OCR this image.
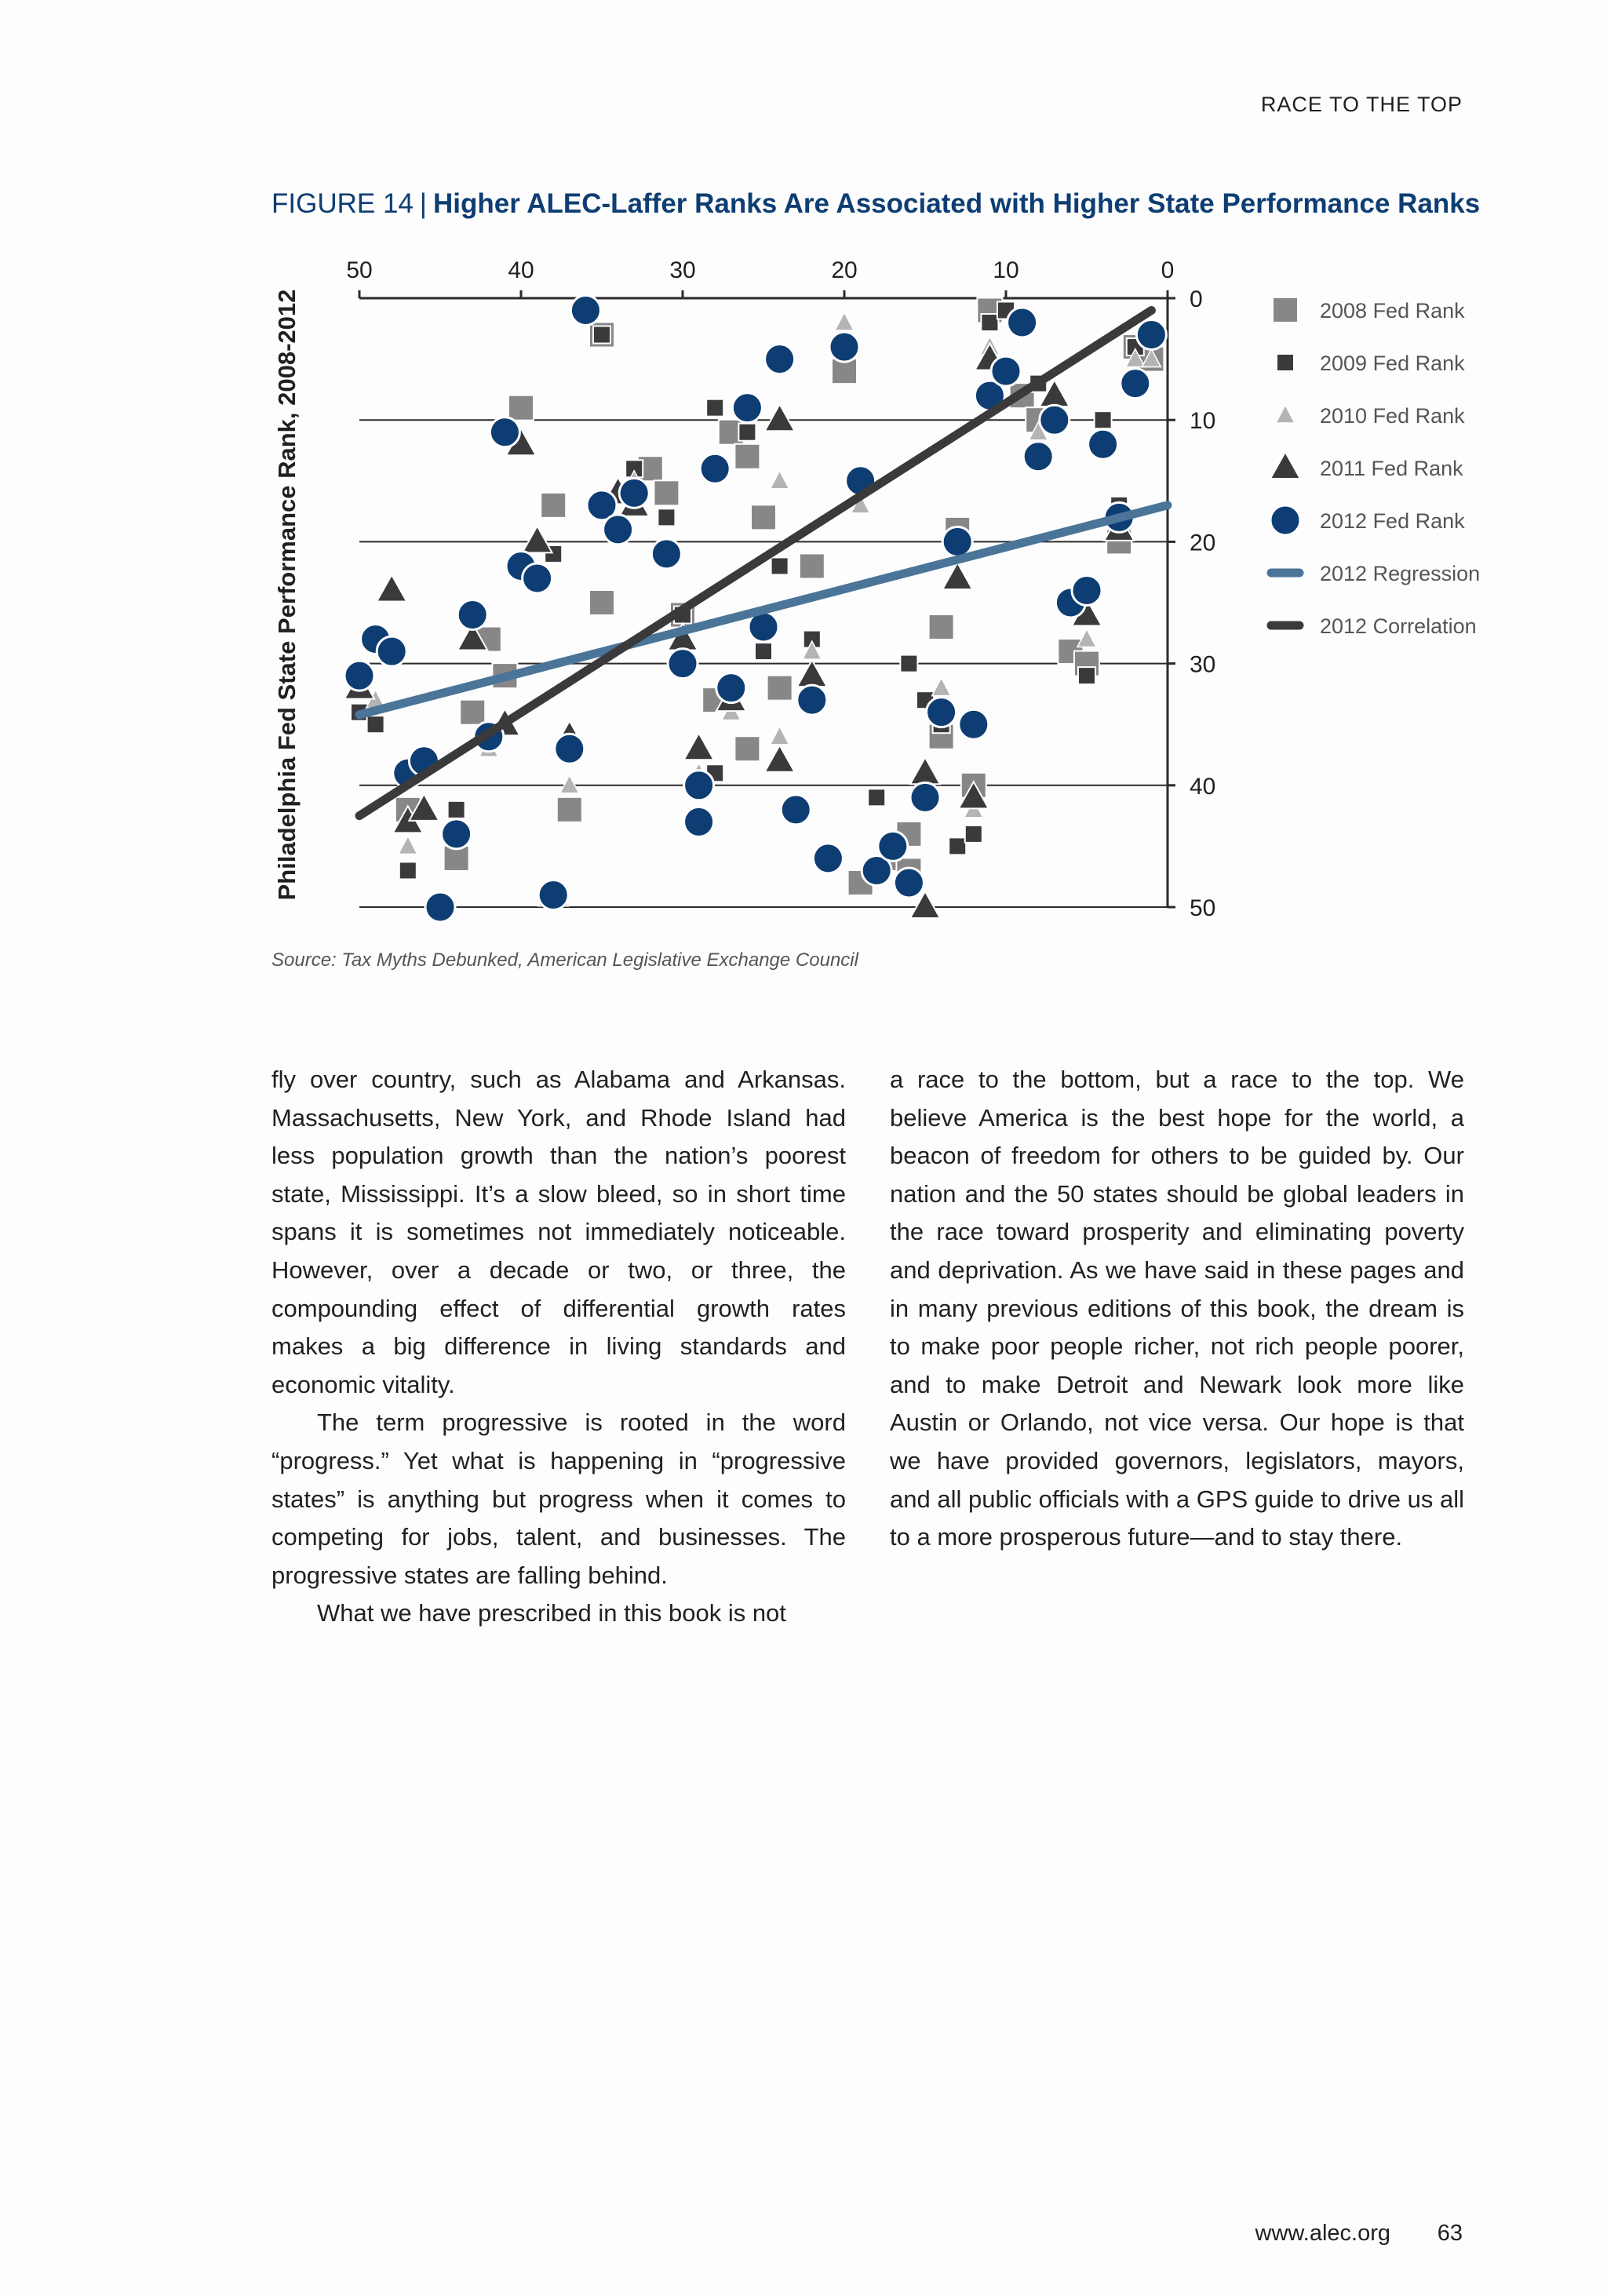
RACE TO THE TOP
FIGURE 14 | Higher ALEC-Laffer Ranks Are Associated with Higher State Performance Ranks
50	40	30	20	10	0
0
10
20
30
40
50
Philadelphia Fed State Performance Rank, 2008-2012	2008 Fed Rank
2009 Fed Rank
2010 Fed Rank
2011 Fed Rank
2012 Fed Rank
2012 Regression
2012 Correlation
Source: Tax Myths Debunked, American Legislative Exchange Council

fly over country, such as Alabama and Arkansas. Massachusetts, New York, and Rhode Island had less population growth than the nation’s poorest state, Mississippi. It’s a slow bleed, so in short time spans it is sometimes not immediately noticeable. However, over a decade or two, or three, the compounding effect of differential growth rates makes a big difference in living standards and economic vitality.

The term progressive is rooted in the word “progress.” Yet what is happening in “progressive states” is anything but progress when it comes to competing for jobs, talent, and businesses. The progressive states are falling behind.

What we have prescribed in this book is not

a race to the bottom, but a race to the top. We believe America is the best hope for the world, a beacon of freedom for others to be guided by. Our nation and the 50 states should be global leaders in the race toward prosperity and eliminating poverty and deprivation. As we have said in these pages and in many previous editions of this book, the dream is to make poor people richer, not rich people poorer, and to make Detroit and Newark look more like Austin or Orlando, not vice versa. Our hope is that we have provided governors, legislators, mayors, and all public officials with a GPS guide to drive us all to a more prosperous future—and to stay there.

www.alec.org 63
